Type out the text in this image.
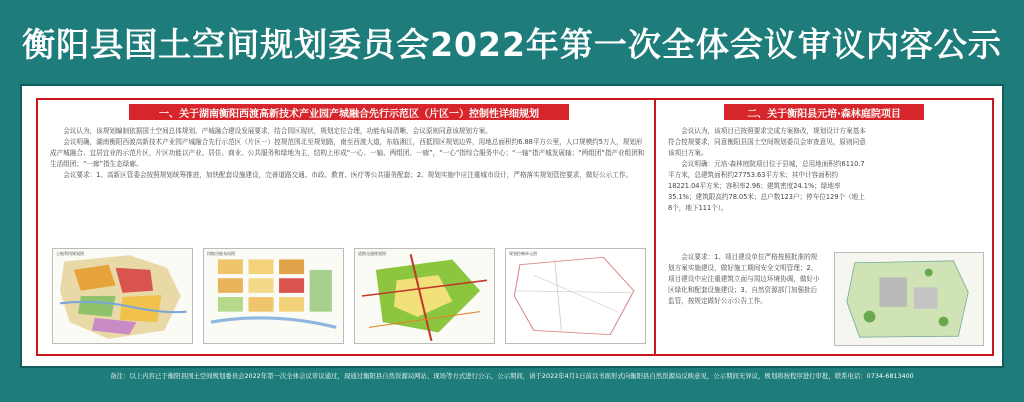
衡阳县国土空间规划委员会2022年第一次全体会议审议内容公示
一、关于湖南衡阳西渡高新技术产业园产城融合先行示范区（片区一）控制性详细规划

会议认为，该规划编制依据国土空间总体规划、产城融合建设发展要求，结合园区现状，规划定位合理，功能布局清晰，会议原则同意该规划方案。

会议明确，湖南衡阳西渡高新技术产业园产城融合先行示范区（片区一）控规范围北至规划路，南至西渡大道，东临湘江，西抵园区规划边界，用地总面积约6.88平方公里，人口规模约5万人，规划形成产城融合、宜居宜业的示范片区，片区功能以产业、居住、商业、公共服务和绿地为主，结构上形成“一心、一轴、两组团、一廊”，“一心”指综合服务中心；“一轴”指产城发展轴；“两组团”指产业组团和生活组团；“一廊”指生态绿廊。

会议要求：1、高新区管委会按照规划统筹推进，加快配套设施建设，完善道路交通、市政、教育、医疗等公共服务配套；2、规划实施中应注重城市设计，严格落实规划管控要求，做好公示工作。

土地利用规划图	用地功能布局图	道路交通规划图	规划控制单元图
二、关于衡阳县元培·森林庭院项目

会议认为，该项目已按照要求完成方案修改，规划设计方案基本符合控规要求，同意衡阳县国土空间规划委员会审查意见，原则同意该项目方案。

会议明确：元培·森林庭院项目位于县城，总用地面积约6110.7平方米，总建筑面积约27753.63平方米；其中计容面积约18221.04平方米；容积率2.96；建筑密度24.1%；绿地率35.1%；建筑限高约78.05米；总户数123户；停车位129个（地上8个，地下111个）。

会议要求：1、项目建设单位严格按照批准的规划方案实施建设，做好施工期间安全文明管理；2、项目建设中应注重建筑立面与周边环境协调，做好小区绿化和配套设施建设；3、自然资源部门加强批后监管，按规定做好公示公告工作。

备注：以上内容已于衡阳县国土空间规划委员会2022年第一次全体会议审议通过，现通过衡阳县自然资源局网站、现场等方式进行公示，公示期间，请于2022年4月1日前以书面形式向衡阳县自然资源局反映意见，公示期间无异议，规划将按程序进行审批，联系电话：0734-6813400
